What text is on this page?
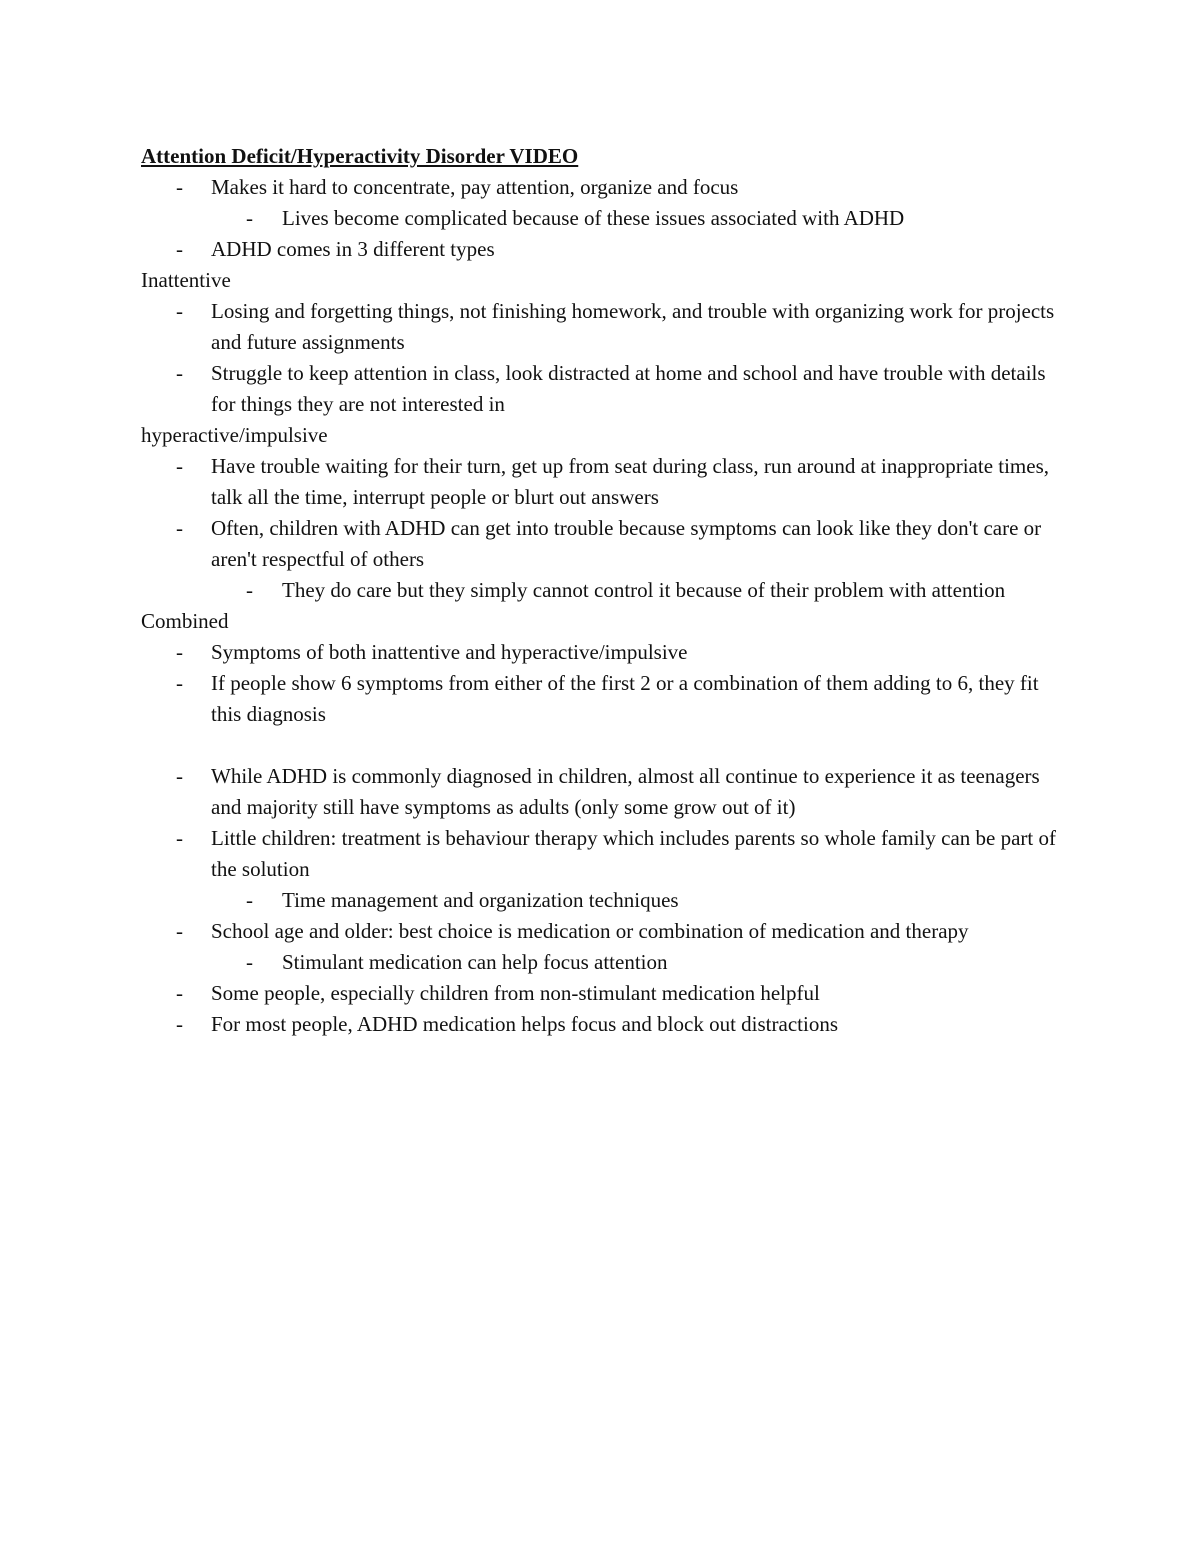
Attention Deficit/Hyperactivity Disorder VIDEO

- Makes it hard to concentrate, pay attention, organize and focus
- Lives become complicated because of these issues associated with ADHD
- ADHD comes in 3 different types

Inattentive

- Losing and forgetting things, not finishing homework, and trouble with organizing work for projects and future assignments
- Struggle to keep attention in class, look distracted at home and school and have trouble with details for things they are not interested in

hyperactive/impulsive

- Have trouble waiting for their turn, get up from seat during class, run around at inappropriate times, talk all the time, interrupt people or blurt out answers
- Often, children with ADHD can get into trouble because symptoms can look like they don't care or aren't respectful of others
- They do care but they simply cannot control it because of their problem with attention

Combined

- Symptoms of both inattentive and hyperactive/impulsive
- If people show 6 symptoms from either of the first 2 or a combination of them adding to 6, they fit this diagnosis
- While ADHD is commonly diagnosed in children, almost all continue to experience it as teenagers and majority still have symptoms as adults (only some grow out of it)
- Little children: treatment is behaviour therapy which includes parents so whole family can be part of the solution
- Time management and organization techniques
- School age and older: best choice is medication or combination of medication and therapy
- Stimulant medication can help focus attention
- Some people, especially children from non-stimulant medication helpful
- For most people, ADHD medication helps focus and block out distractions
